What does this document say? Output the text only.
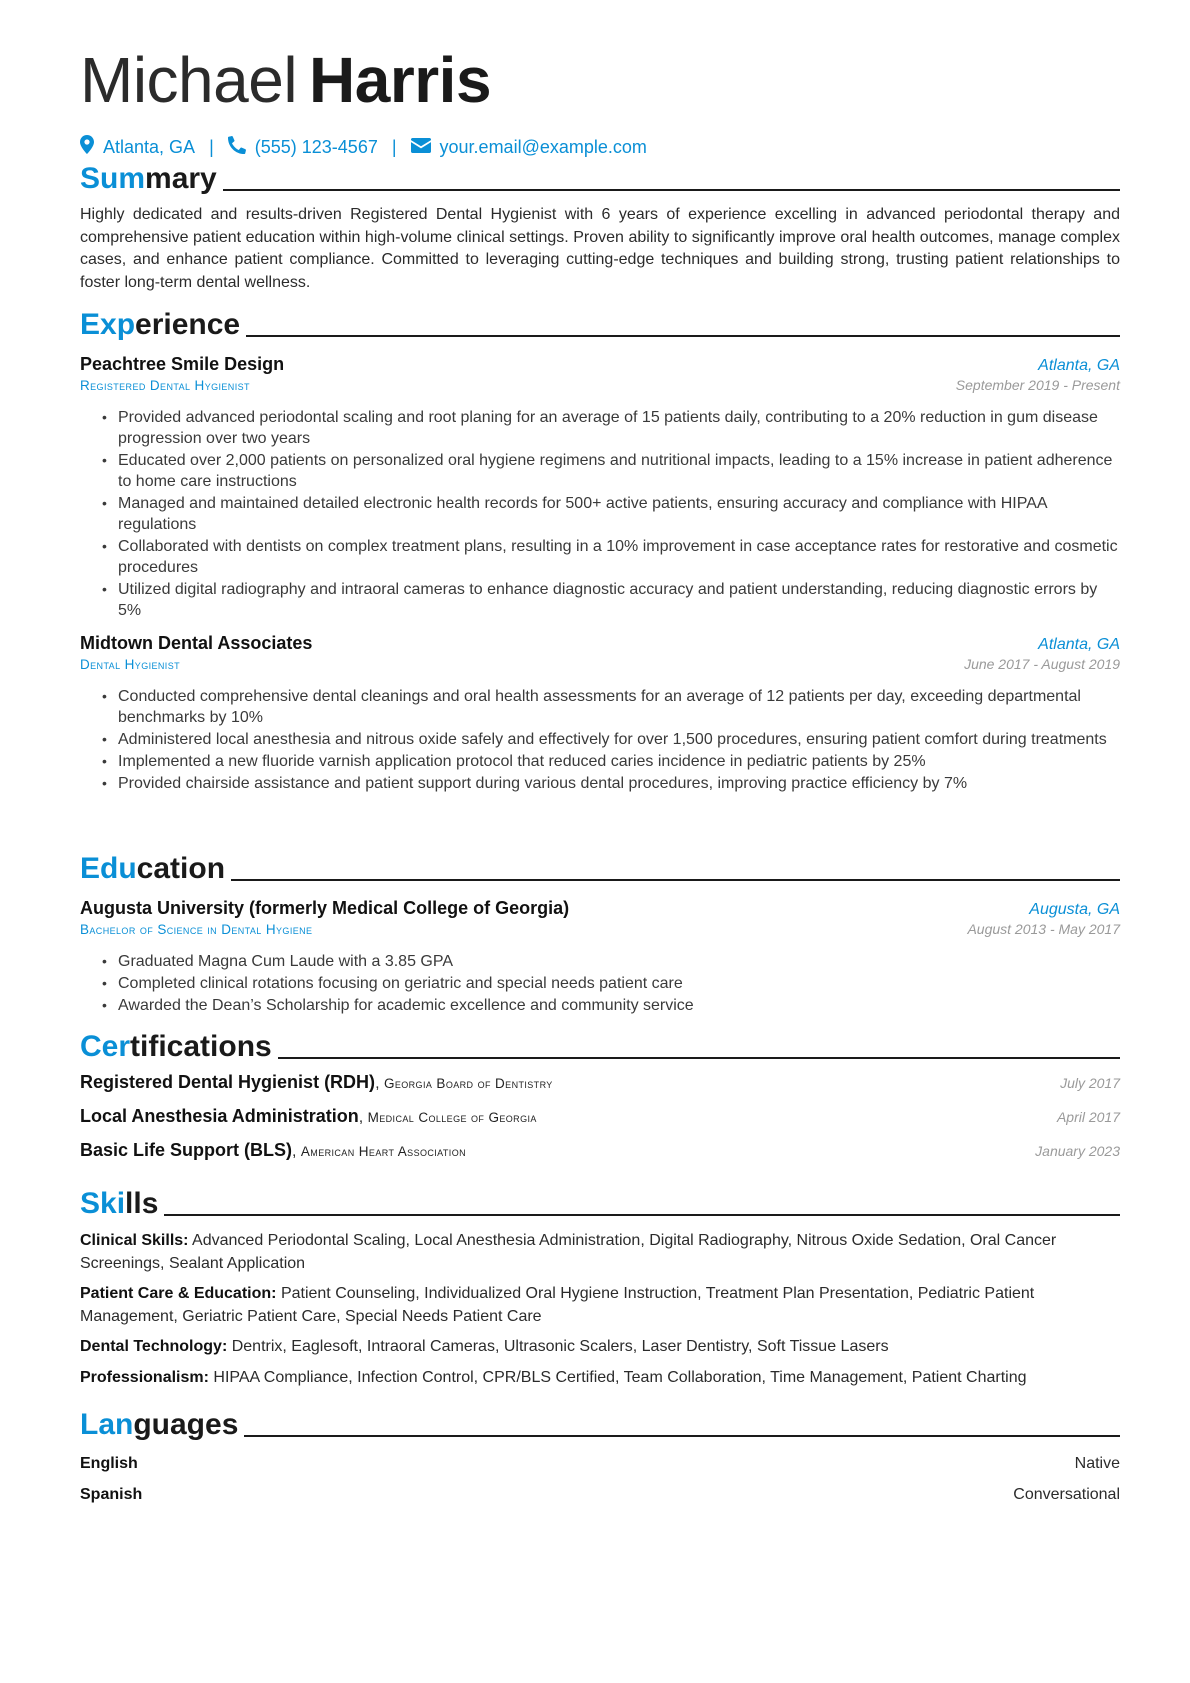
Michael Harris
Atlanta, GA | (555) 123-4567 | your.email@example.com
Summary

Highly dedicated and results-driven Registered Dental Hygienist with 6 years of experience excelling in advanced periodontal therapy and comprehensive patient education within high-volume clinical settings. Proven ability to significantly improve oral health outcomes, manage complex cases, and enhance patient compliance. Committed to leveraging cutting-edge techniques and building strong, trusting patient relationships to foster long-term dental wellness.

Experience
Peachtree Smile Design	Atlanta, GA
Registered Dental Hygienist	September 2019 - Present
• Provided advanced periodontal scaling and root planing for an average of 15 patients daily, contributing to a 20% reduction in gum disease progression over two years
• Educated over 2,000 patients on personalized oral hygiene regimens and nutritional impacts, leading to a 15% increase in patient adherence to home care instructions
• Managed and maintained detailed electronic health records for 500+ active patients, ensuring accuracy and compliance with HIPAA regulations
• Collaborated with dentists on complex treatment plans, resulting in a 10% improvement in case acceptance rates for restorative and cosmetic procedures
• Utilized digital radiography and intraoral cameras to enhance diagnostic accuracy and patient understanding, reducing diagnostic errors by 5%
Midtown Dental Associates	Atlanta, GA
Dental Hygienist	June 2017 - August 2019
• Conducted comprehensive dental cleanings and oral health assessments for an average of 12 patients per day, exceeding departmental benchmarks by 10%
• Administered local anesthesia and nitrous oxide safely and effectively for over 1,500 procedures, ensuring patient comfort during treatments
• Implemented a new fluoride varnish application protocol that reduced caries incidence in pediatric patients by 25%
• Provided chairside assistance and patient support during various dental procedures, improving practice efficiency by 7%
Education
Augusta University (formerly Medical College of Georgia)	Augusta, GA
Bachelor of Science in Dental Hygiene	August 2013 - May 2017
• Graduated Magna Cum Laude with a 3.85 GPA
• Completed clinical rotations focusing on geriatric and special needs patient care
• Awarded the Dean’s Scholarship for academic excellence and community service
Certifications
Registered Dental Hygienist (RDH), Georgia Board of Dentistry	July 2017
Local Anesthesia Administration, Medical College of Georgia	April 2017
Basic Life Support (BLS), American Heart Association	January 2023
Skills

Clinical Skills: Advanced Periodontal Scaling, Local Anesthesia Administration, Digital Radiography, Nitrous Oxide Sedation, Oral Cancer Screenings, Sealant Application

Patient Care & Education: Patient Counseling, Individualized Oral Hygiene Instruction, Treatment Plan Presentation, Pediatric Patient Management, Geriatric Patient Care, Special Needs Patient Care

Dental Technology: Dentrix, Eaglesoft, Intraoral Cameras, Ultrasonic Scalers, Laser Dentistry, Soft Tissue Lasers

Professionalism: HIPAA Compliance, Infection Control, CPR/BLS Certified, Team Collaboration, Time Management, Patient Charting

Languages
English	Native
Spanish	Conversational
